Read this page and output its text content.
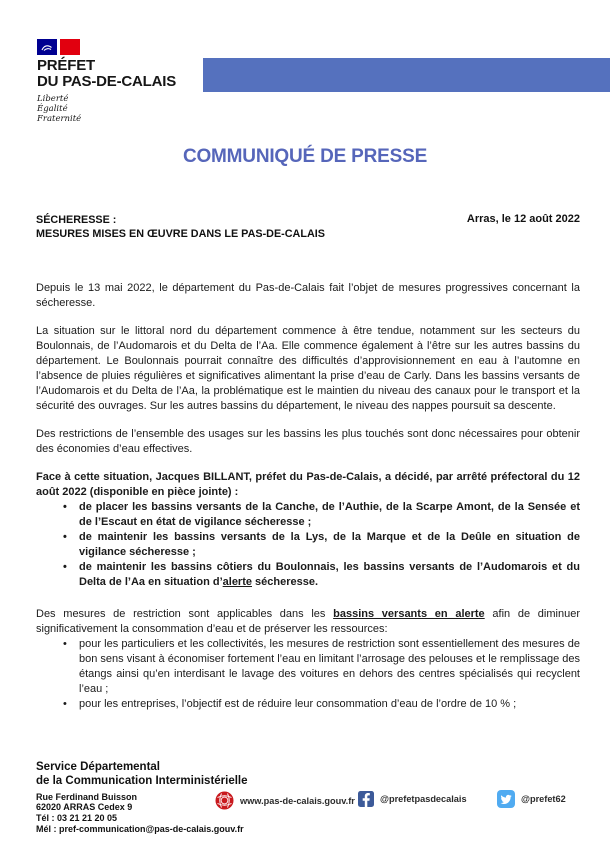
PRÉFET
DU PAS-DE-CALAIS
Liberté
Égalité
Fraternité
COMMUNIQUÉ DE PRESSE
SÉCHERESSE :
MESURES MISES EN ŒUVRE DANS LE PAS-DE-CALAIS
Arras, le 12 août 2022

Depuis le 13 mai 2022, le département du Pas-de-Calais fait l’objet de mesures progressives concernant la sécheresse.

La situation sur le littoral nord du département commence à être tendue, notamment sur les secteurs du Boulonnais, de l’Audomarois et du Delta de l’Aa. Elle commence également à l’être sur les autres bassins du département. Le Boulonnais pourrait connaître des difficultés d’approvisionnement en eau à l’automne en l’absence de pluies régulières et significatives alimentant la prise d’eau de Carly. Dans les bassins versants de l’Audomarois et du Delta de l’Aa, la problématique est le maintien du niveau des canaux pour le transport et la sécurité des ouvrages. Sur les autres bassins du département, le niveau des nappes poursuit sa descente.

Des restrictions de l’ensemble des usages sur les bassins les plus touchés sont donc nécessaires pour obtenir des économies d’eau effectives.

Face à cette situation, Jacques BILLANT, préfet du Pas-de-Calais, a décidé, par arrêté préfectoral du 12 août 2022 (disponible en pièce jointe) :

• de placer les bassins versants de la Canche, de l’Authie, de la Scarpe Amont, de la Sensée et de l’Escaut en état de vigilance sécheresse ;
• de maintenir les bassins versants de la Lys, de la Marque et de la Deûle en situation de vigilance sécheresse ;
• de maintenir les bassins côtiers du Boulonnais, les bassins versants de l’Audomarois et du Delta de l’Aa en situation d’alerte sécheresse.

Des mesures de restriction sont applicables dans les bassins versants en alerte afin de diminuer significativement la consommation d’eau et de préserver les ressources:

• pour les particuliers et les collectivités, les mesures de restriction sont essentiellement des mesures de bon sens visant à économiser fortement l’eau en limitant l’arrosage des pelouses et le remplissage des étangs ainsi qu’en interdisant le lavage des voitures en dehors des centres spécialisés qui recyclent l’eau ;
• pour les entreprises, l’objectif est de réduire leur consommation d’eau de l’ordre de 10 % ;
Service Départemental
de la Communication Interministérielle
Rue Ferdinand Buisson
62020 ARRAS Cedex 9
Tél : 03 21 21 20 05
Mél : pref-communication@pas-de-calais.gouv.fr
www.pas-de-calais.gouv.fr	@prefetpasdecalais	@prefet62
